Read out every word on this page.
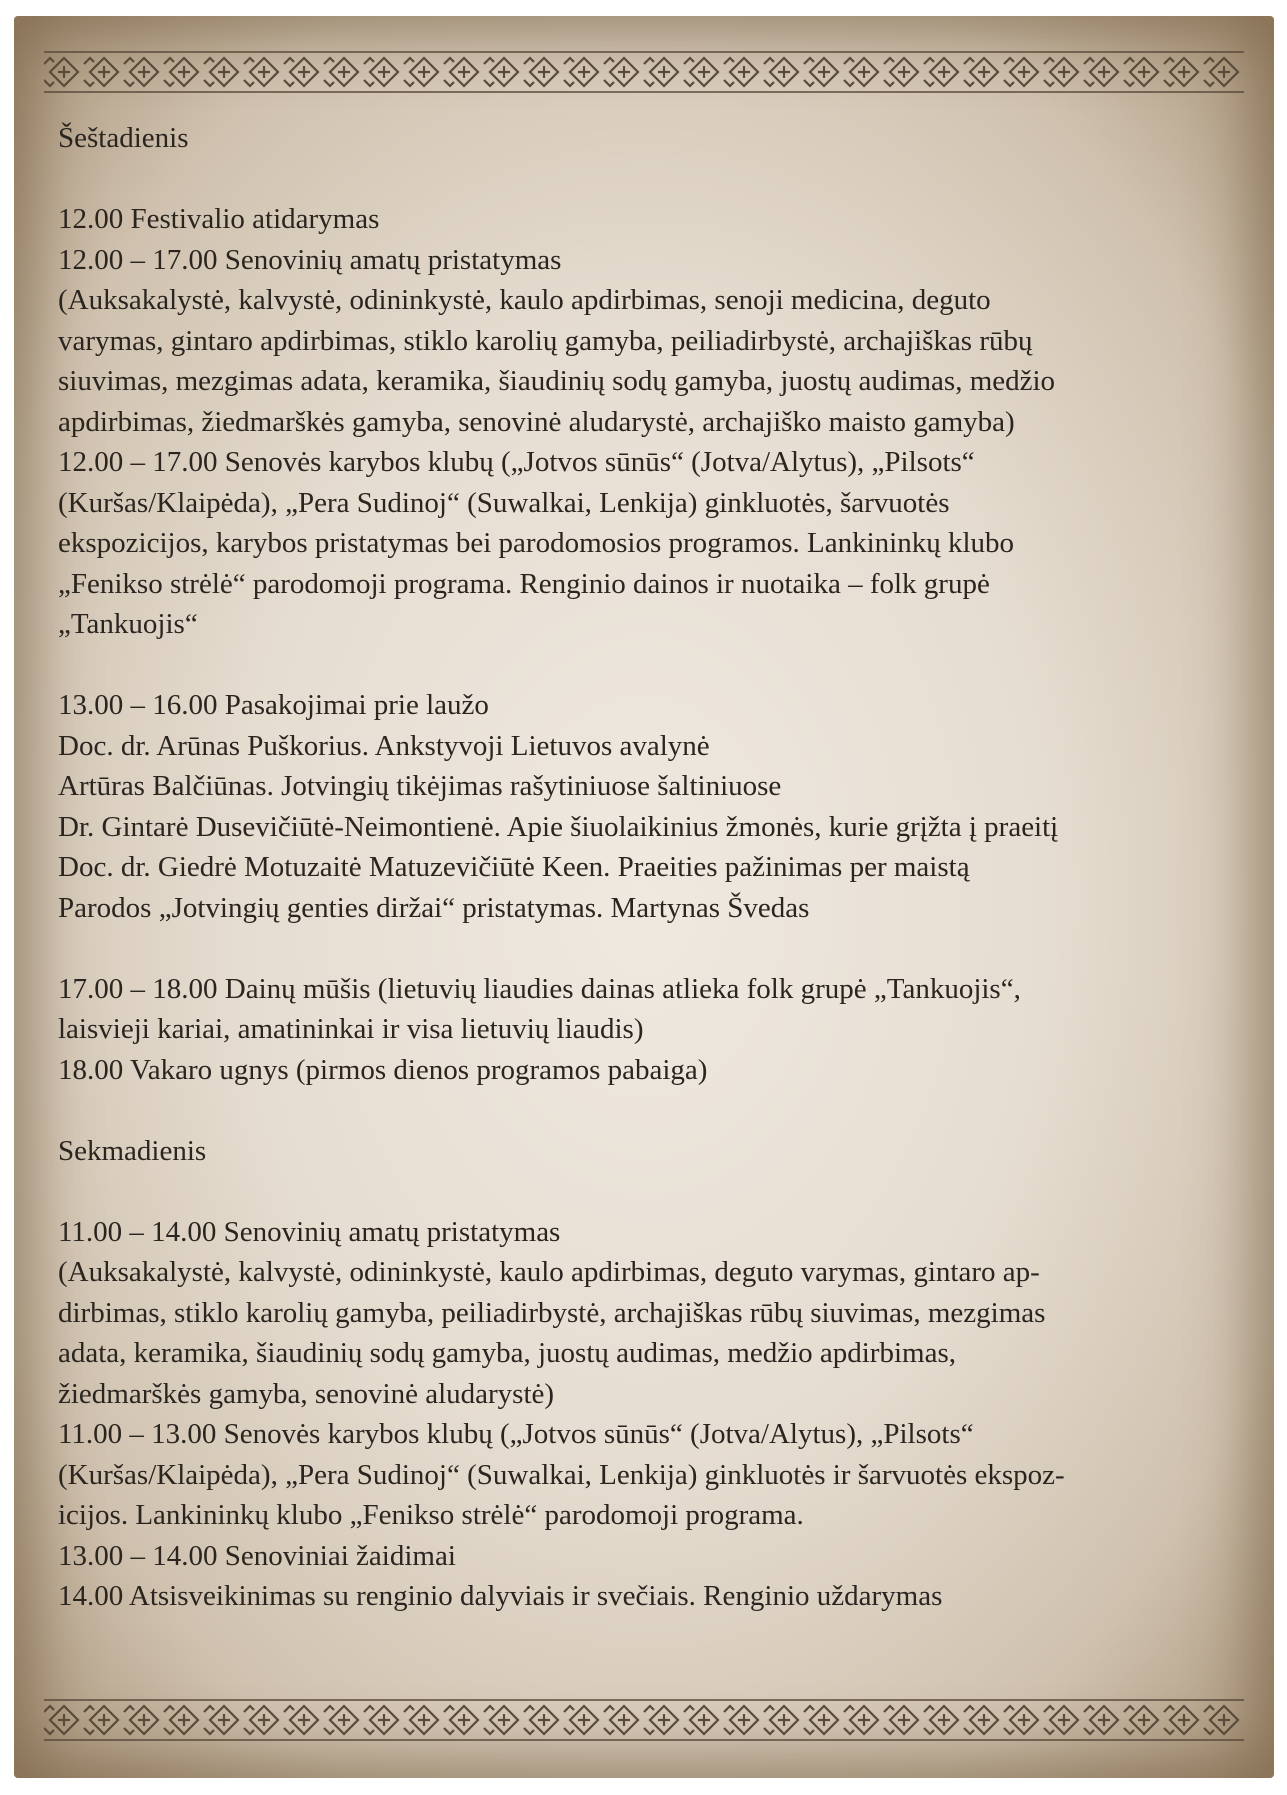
Šeštadienis
12.00 Festivalio atidarymas
12.00 – 17.00 Senovinių amatų pristatymas
(Auksakalystė, kalvystė, odininkystė, kaulo apdirbimas, senoji medicina, deguto
varymas, gintaro apdirbimas, stiklo karolių gamyba, peiliadirbystė, archajiškas rūbų
siuvimas, mezgimas adata, keramika, šiaudinių sodų gamyba, juostų audimas, medžio
apdirbimas, žiedmarškės gamyba, senovinė aludarystė, archajiško maisto gamyba)
12.00 – 17.00 Senovės karybos klubų („Jotvos sūnūs“ (Jotva/Alytus), „Pilsots“
(Kuršas/Klaipėda), „Pera Sudinoj“ (Suwalkai, Lenkija) ginkluotės, šarvuotės
ekspozicijos, karybos pristatymas bei parodomosios programos. Lankininkų klubo
„Fenikso strėlė“ parodomoji programa. Renginio dainos ir nuotaika – folk grupė
„Tankuojis“
13.00 – 16.00 Pasakojimai prie laužo
Doc. dr. Arūnas Puškorius. Ankstyvoji Lietuvos avalynė
Artūras Balčiūnas. Jotvingių tikėjimas rašytiniuose šaltiniuose
Dr. Gintarė Dusevičiūtė-Neimontienė. Apie šiuolaikinius žmonės, kurie grįžta į praeitį
Doc. dr. Giedrė Motuzaitė Matuzevičiūtė Keen. Praeities pažinimas per maistą
Parodos „Jotvingių genties diržai“ pristatymas. Martynas Švedas
17.00 – 18.00 Dainų mūšis (lietuvių liaudies dainas atlieka folk grupė „Tankuojis“,
laisvieji kariai, amatininkai ir visa lietuvių liaudis)
18.00 Vakaro ugnys (pirmos dienos programos pabaiga)
Sekmadienis
11.00 – 14.00 Senovinių amatų pristatymas
(Auksakalystė, kalvystė, odininkystė, kaulo apdirbimas, deguto varymas, gintaro ap-
dirbimas, stiklo karolių gamyba, peiliadirbystė, archajiškas rūbų siuvimas, mezgimas
adata, keramika, šiaudinių sodų gamyba, juostų audimas, medžio apdirbimas,
žiedmarškės gamyba, senovinė aludarystė)
11.00 – 13.00 Senovės karybos klubų („Jotvos sūnūs“ (Jotva/Alytus), „Pilsots“
(Kuršas/Klaipėda), „Pera Sudinoj“ (Suwalkai, Lenkija) ginkluotės ir šarvuotės ekspoz-
icijos. Lankininkų klubo „Fenikso strėlė“ parodomoji programa.
13.00 – 14.00 Senoviniai žaidimai
14.00 Atsisveikinimas su renginio dalyviais ir svečiais. Renginio uždarymas
